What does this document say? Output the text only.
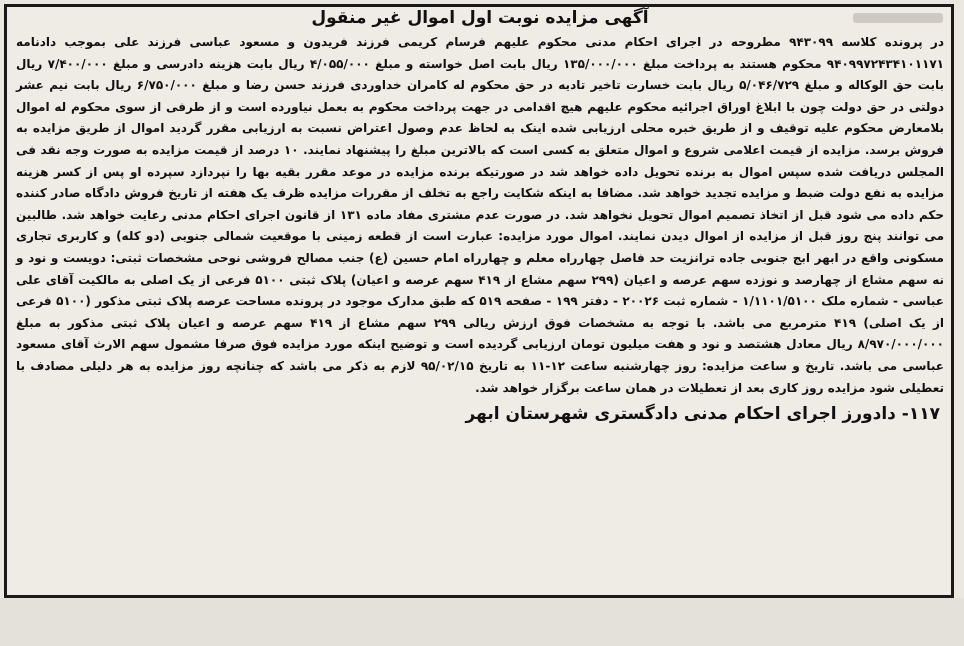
آگهی مزایده نوبت اول اموال غیر منقول
در پرونده کلاسه ۹۴۳۰۹۹ مطروحه در اجرای احکام مدنی محکوم علیهم فرسام کریمی فرزند فریدون و مسعود عباسی فرزند علی بموجب دادنامه ۹۴۰۹۹۷۲۴۳۴۱۰۱۱۷۱ محکوم هستند به پرداخت مبلغ ۱۳۵/۰۰۰/۰۰۰ ریال بابت اصل خواسته و مبلغ ۴/۰۵۵/۰۰۰ ریال بابت هزینه دادرسی و مبلغ ۷/۴۰۰/۰۰۰ ریال بابت حق الوکاله و مبلغ ۵/۰۴۶/۷۲۹ ریال بابت خسارت تاخیر تادیه در حق محکوم له کامران خداوردی فرزند حسن رضا و مبلغ ۶/۷۵۰/۰۰۰ ریال بابت نیم عشر دولتی در حق دولت چون با ابلاغ اوراق اجرائیه محکوم علیهم هیچ اقدامی در جهت پرداخت محکوم به بعمل نیاورده است و از طرفی از سوی محکوم له اموال بلامعارض محکوم علیه توقیف و از طریق خبره محلی ارزیابی شده اینک به لحاظ عدم وصول اعتراض نسبت به ارزیابی مقرر گردید اموال از طریق مزایده به فروش برسد. مزایده از قیمت اعلامی شروع و اموال متعلق به کسی است که بالاترین مبلغ را پیشنهاد نمایند. ۱۰ درصد از قیمت مزایده به صورت وجه نقد فی المجلس دریافت شده سپس اموال به برنده تحویل داده خواهد شد در صورتیکه برنده مزایده در موعد مقرر بقیه بها را نپردازد سپرده او پس از کسر هزینه مزایده به نفع دولت ضبط و مزایده تجدید خواهد شد. مضافا به اینکه شکایت راجع به تخلف از مقررات مزایده ظرف یک هفته از تاریخ فروش دادگاه صادر کننده حکم داده می شود قبل از اتخاذ تصمیم اموال تحویل نخواهد شد. در صورت عدم مشتری مفاد ماده ۱۳۱ از قانون اجرای احکام مدنی رعایت خواهد شد. طالبین می توانند پنج روز قبل از مزایده از اموال دیدن نمایند. اموال مورد مزایده: عبارت است از قطعه زمینی با موقعیت شمالی جنوبی (دو کله) و کاربری تجاری مسکونی واقع در ابهر ابج جنوبی جاده ترانزیت حد فاصل چهارراه معلم و چهارراه امام حسین (ع) جنب مصالح فروشی نوحی مشخصات ثبتی: دویست و نود و نه سهم مشاع از چهارصد و نوزده سهم عرصه و اعیان (۲۹۹ سهم مشاع از ۴۱۹ سهم عرصه و اعیان) پلاک ثبتی ۵۱۰۰ فرعی از یک اصلی به مالکیت آقای علی عباسی - شماره ملک ۱/۱۱۰۱/۵۱۰۰ - شماره ثبت ۲۰۰۲۶ - دفتر ۱۹۹ - صفحه ۵۱۹ که طبق مدارک موجود در پرونده مساحت عرصه پلاک ثبتی مذکور (۵۱۰۰ فرعی از یک اصلی) ۴۱۹ مترمربع می باشد. با توجه به مشخصات فوق ارزش ریالی ۲۹۹ سهم مشاع از ۴۱۹ سهم عرصه و اعیان پلاک ثبتی مذکور به مبلغ ۸/۹۷۰/۰۰۰/۰۰۰ ریال معادل هشتصد و نود و هفت میلیون تومان ارزیابی گردیده است و توضیح اینکه مورد مزایده فوق صرفا مشمول سهم الارث آقای مسعود عباسی می باشد. تاریخ و ساعت مزایده: روز چهارشنبه ساعت ۱۲-۱۱ به تاریخ ۹۵/۰۲/۱۵ لازم به ذکر می باشد که چنانچه روز مزایده به هر دلیلی مصادف با تعطیلی شود مزایده روز کاری بعد از تعطیلات در همان ساعت برگزار خواهد شد.
۱۱۷- دادورز اجرای احکام مدنی دادگستری شهرستان ابهر
